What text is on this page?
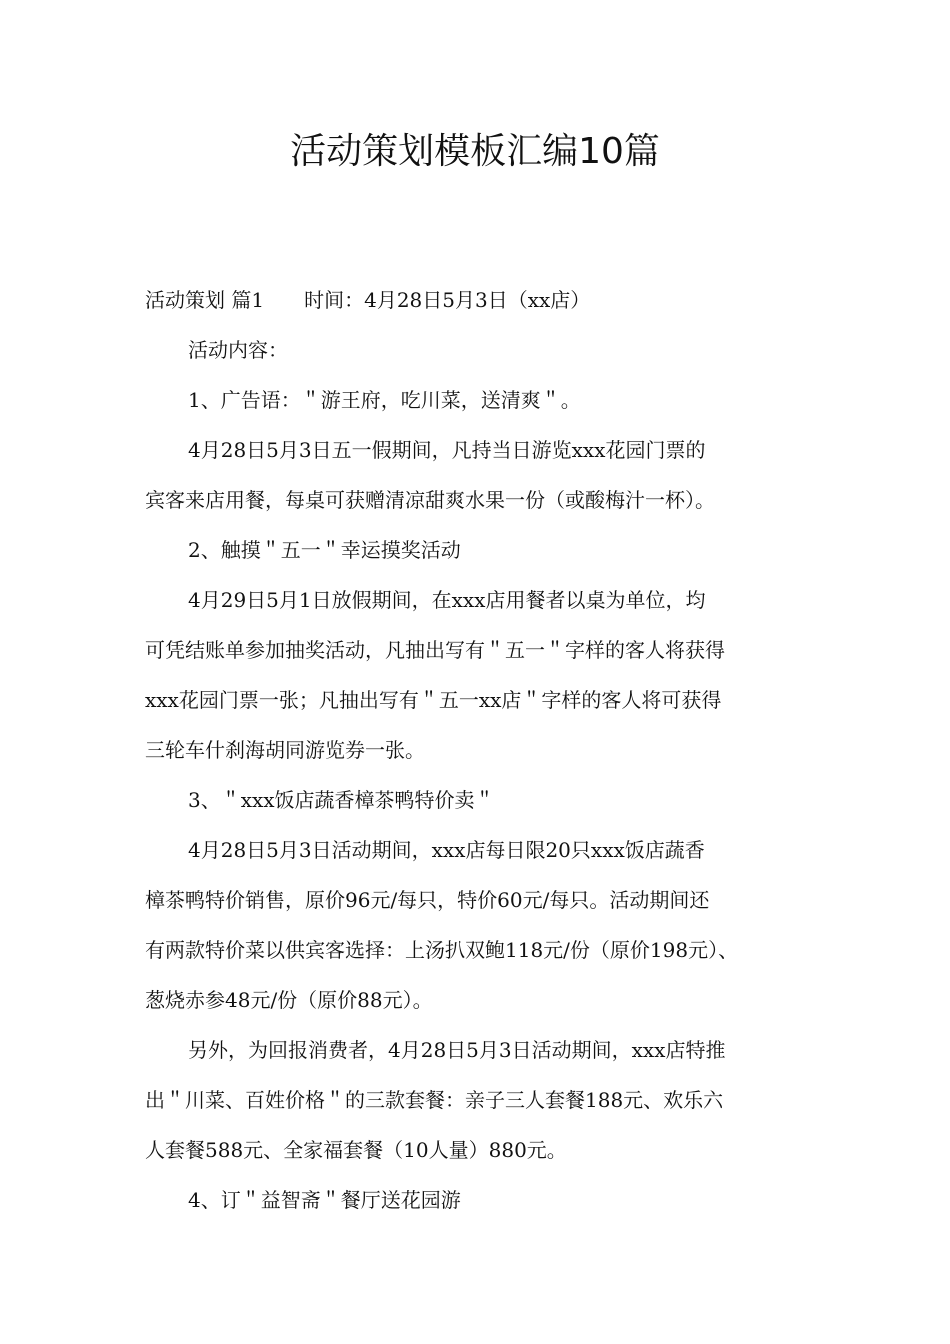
活动策划模板汇编10篇

活动策划 篇1 时间：4月28日5月3日（xx店）

活动内容：

1、广告语：＂游王府，吃川菜，送清爽＂。

4月28日5月3日五一假期间，凡持当日游览xxx花园门票的

宾客来店用餐，每桌可获赠清凉甜爽水果一份（或酸梅汁一杯）。

2、触摸＂五一＂幸运摸奖活动

4月29日5月1日放假期间，在xxx店用餐者以桌为单位，均

可凭结账单参加抽奖活动，凡抽出写有＂五一＂字样的客人将获得

xxx花园门票一张；凡抽出写有＂五一xx店＂字样的客人将可获得

三轮车什刹海胡同游览券一张。

3、＂xxx饭店蔬香樟茶鸭特价卖＂

4月28日5月3日活动期间，xxx店每日限20只xxx饭店蔬香

樟茶鸭特价销售，原价96元/每只，特价60元/每只。活动期间还

有两款特价菜以供宾客选择：上汤扒双鲍118元/份（原价198元）、

葱烧赤参48元/份（原价88元）。

另外，为回报消费者，4月28日5月3日活动期间，xxx店特推

出＂川菜、百姓价格＂的三款套餐：亲子三人套餐188元、欢乐六

人套餐588元、全家福套餐（10人量）880元。

4、订＂益智斋＂餐厅送花园游
